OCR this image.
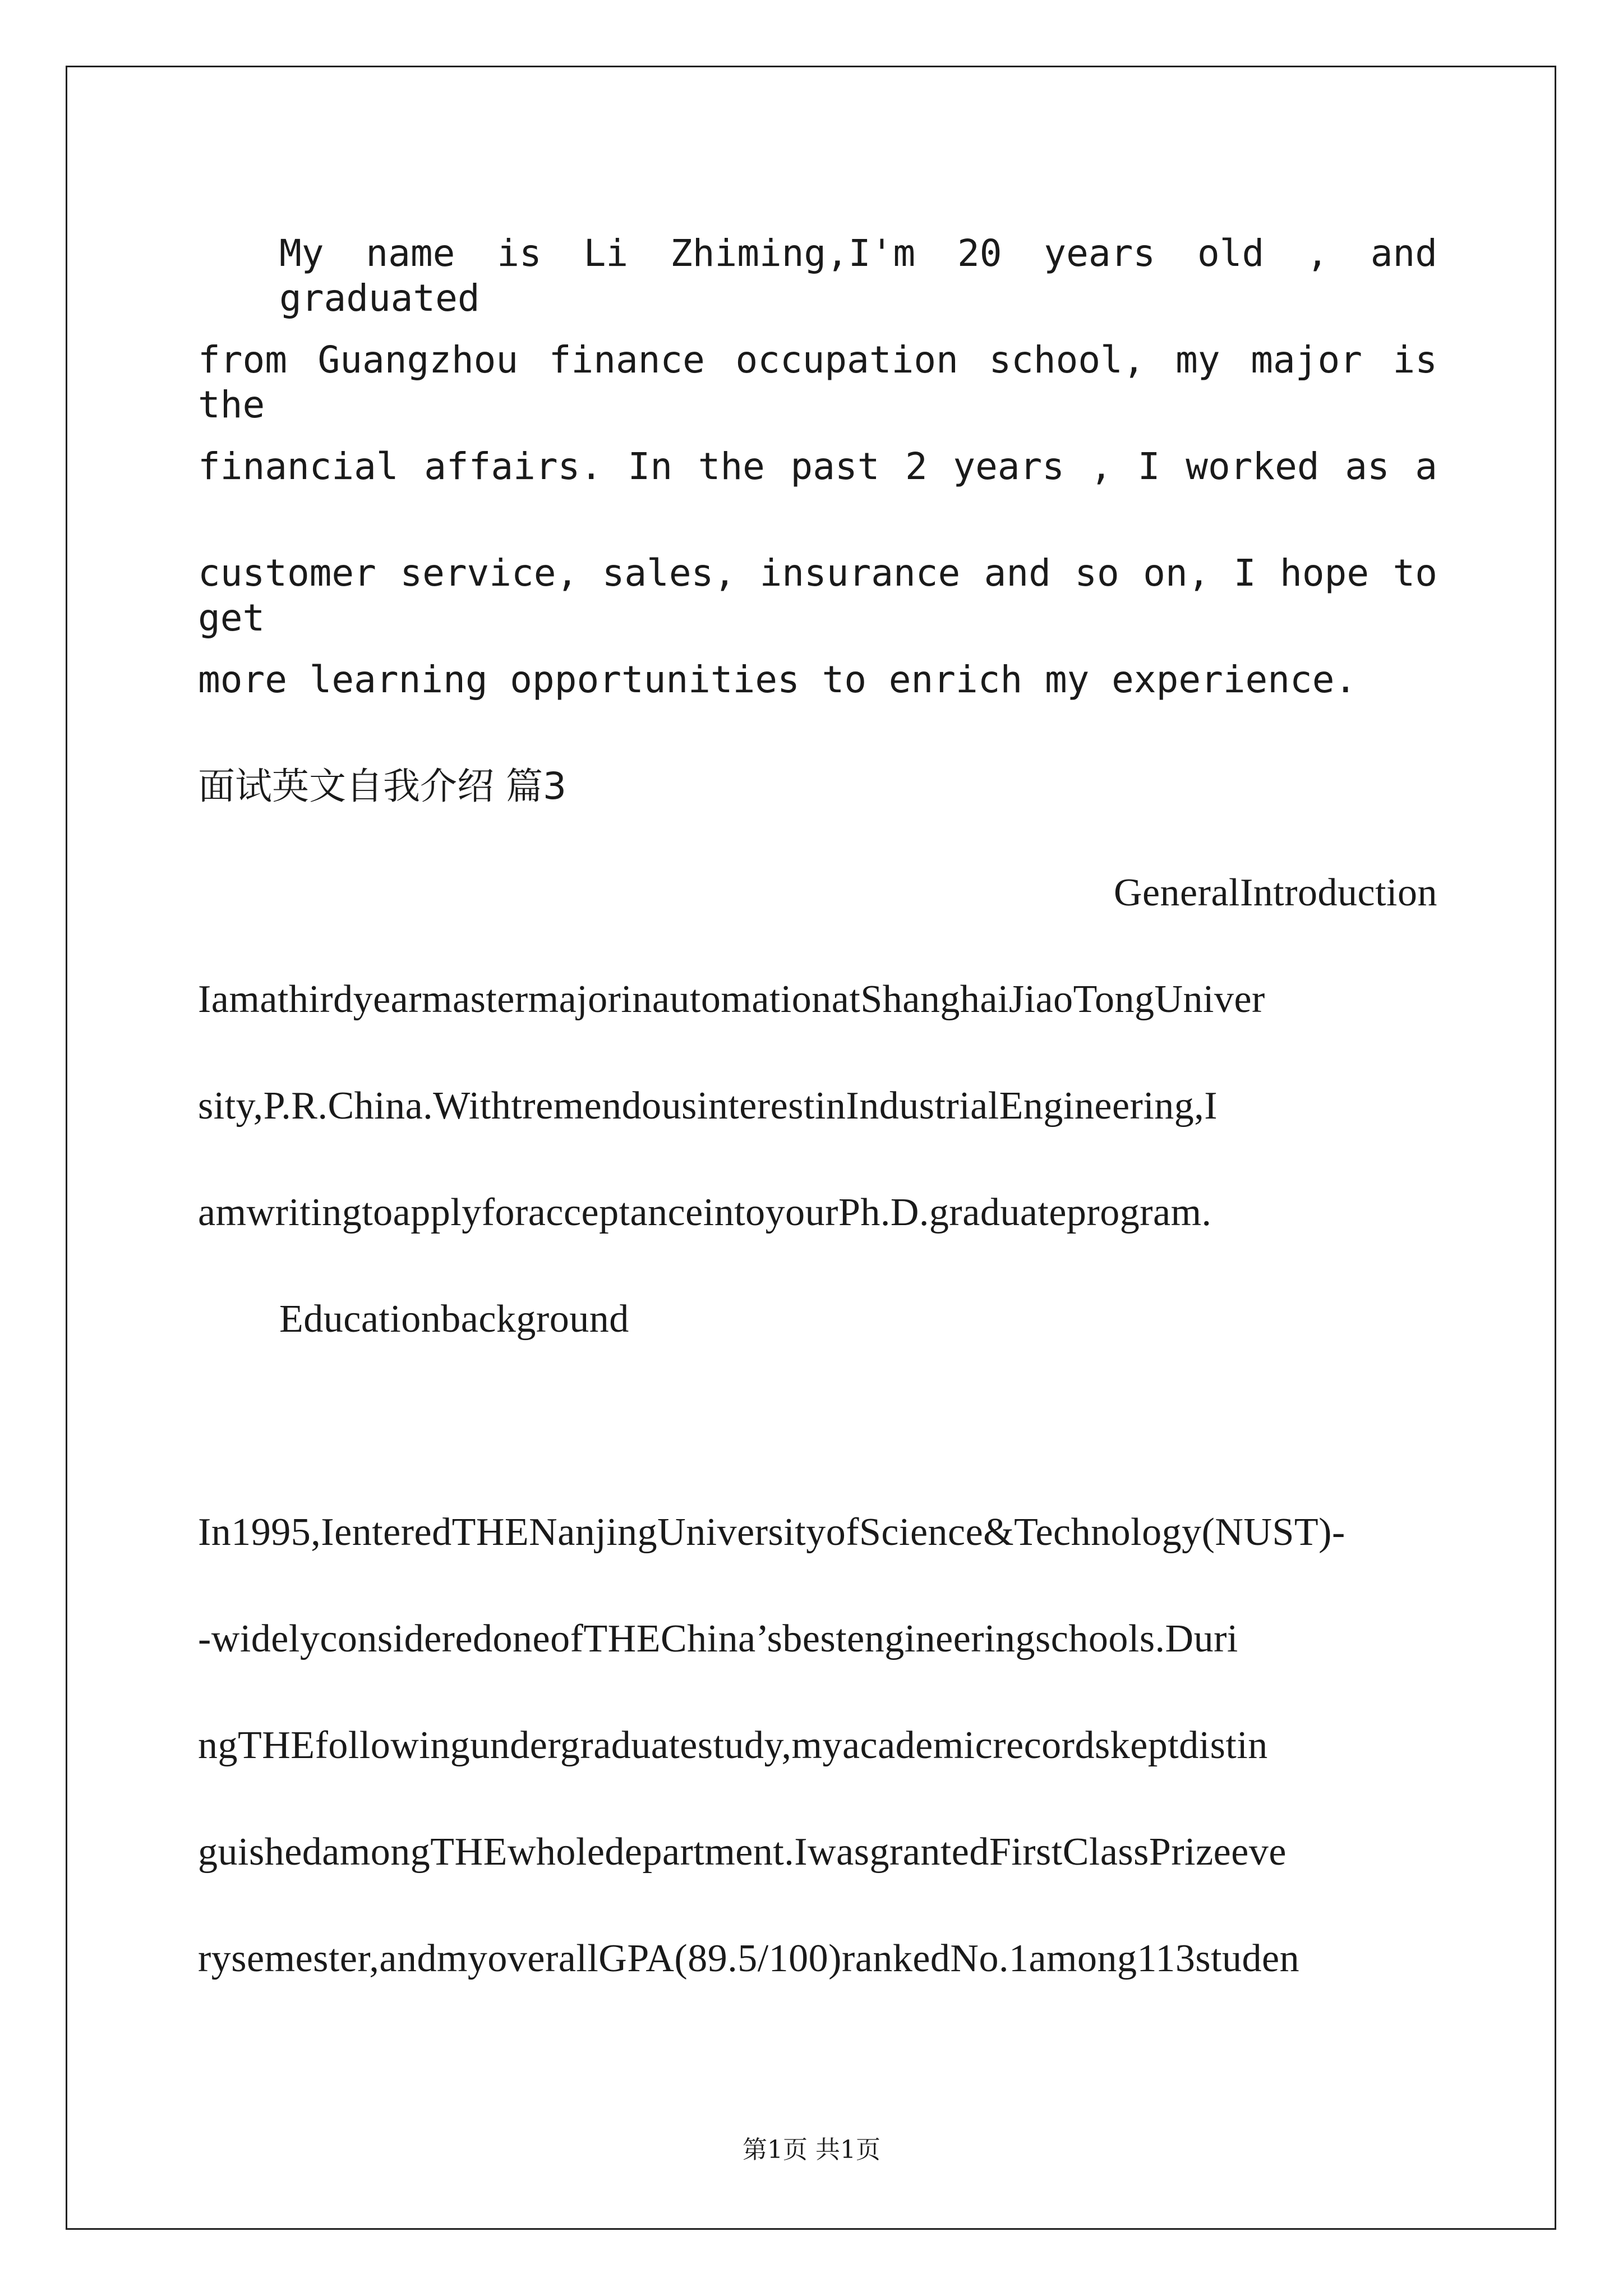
My name is Li Zhiming,I'm 20 years old , and graduated
from Guangzhou finance occupation school, my major is the
financial affairs. In the past 2 years , I worked as a
customer service, sales, insurance and so on, I hope to get
more learning opportunities to enrich my experience.
面试英文自我介绍 篇3
GeneralIntroduction
IamathirdyearmastermajorinautomationatShanghaiJiaoTongUniver
sity,P.R.China.WithtremendousinterestinIndustrialEngineering,I
amwritingtoapplyforacceptanceintoyourPh.D.graduateprogram.
Educationbackground
In1995,IenteredTHENanjingUniversityofScience&Technology(NUST)-
-widelyconsideredoneofTHEChina’sbestengineeringschools.Duri
ngTHEfollowingundergraduatestudy,myacademicrecordskeptdistin
guishedamongTHEwholedepartment.IwasgrantedFirstClassPrizeeve
rysemester,andmyoverallGPA(89.5/100)rankedNo.1among113studen
第1页 共1页
